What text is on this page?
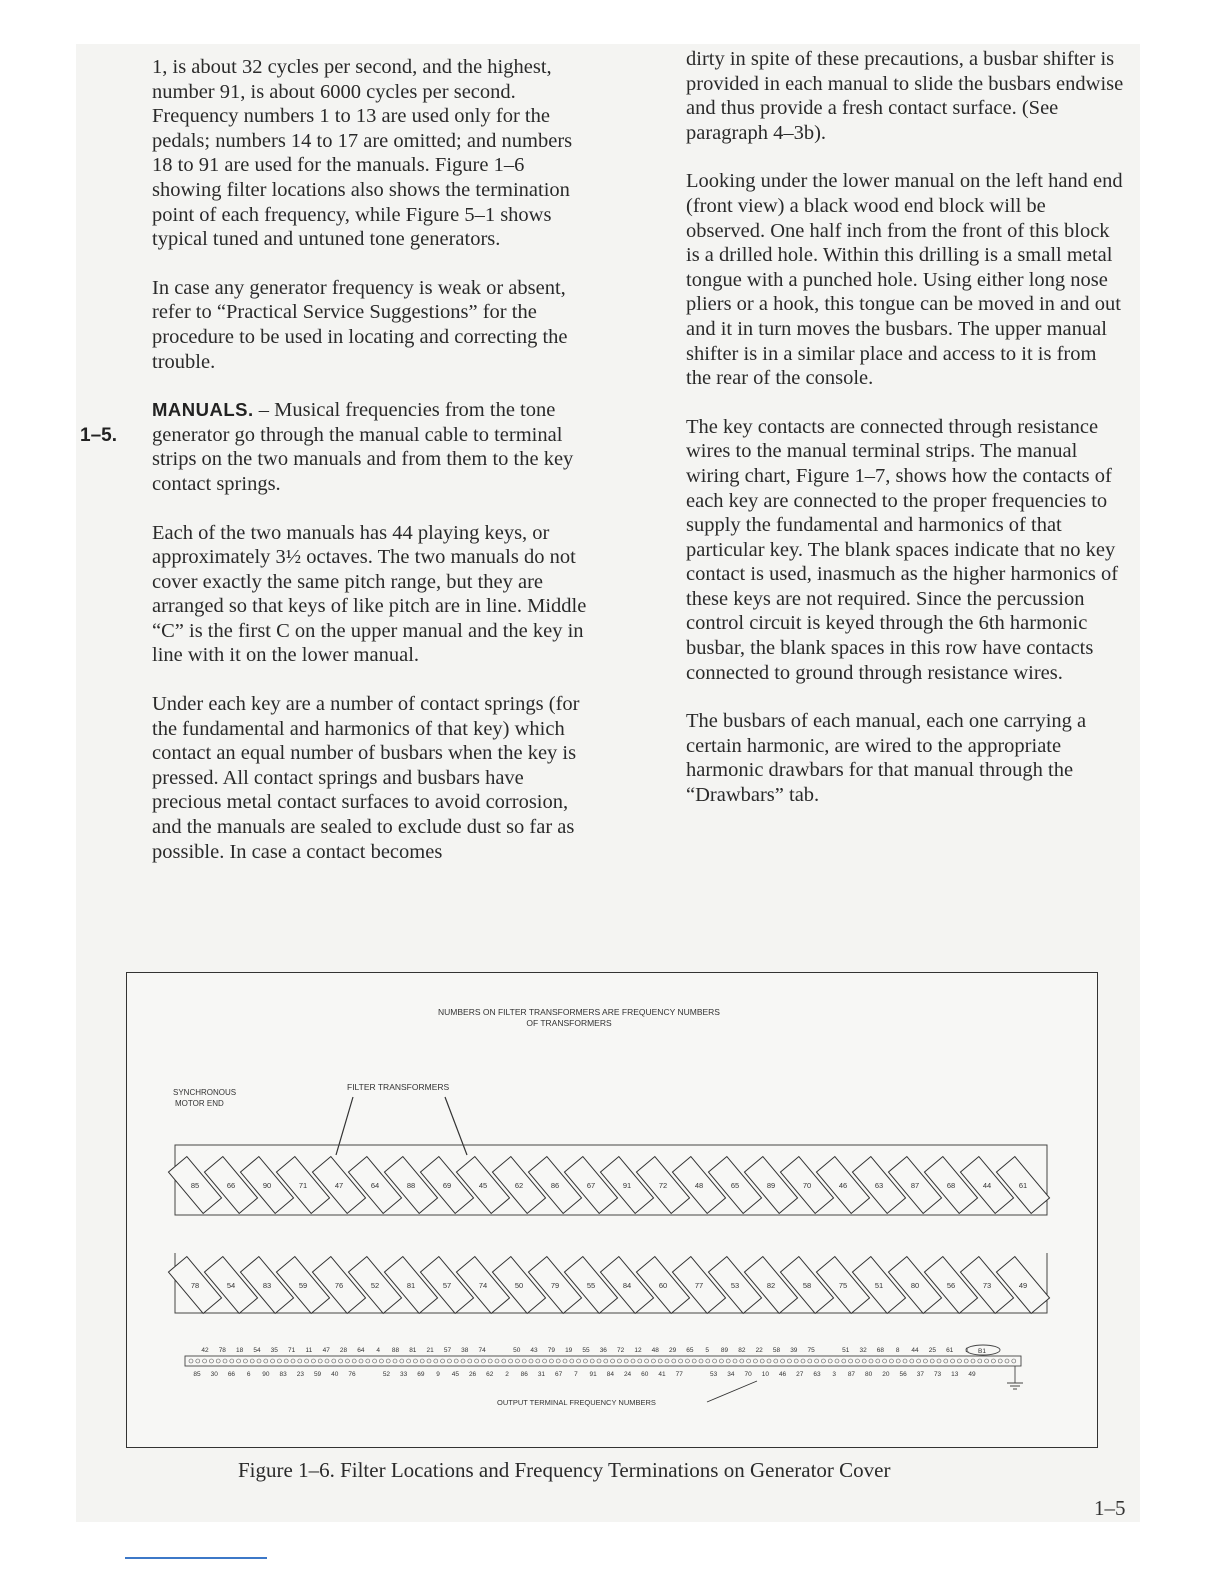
1, is about 32 cycles per second, and the highest, number 91, is about 6000 cycles per second. Frequency numbers 1 to 13 are used only for the pedals; numbers 14 to 17 are omitted; and numbers 18 to 91 are used for the manuals. Figure 1–6 showing filter locations also shows the termination point of each frequency, while Figure 5–1 shows typical tuned and untuned tone generators.

In case any generator frequency is weak or absent, refer to “Practical Service Suggestions” for the procedure to be used in locating and correcting the trouble.

MANUALS. – Musical frequencies from the tone generator go through the manual cable to terminal strips on the two manuals and from them to the key contact springs.

Each of the two manuals has 44 playing keys, or approximately 3½ octaves. The two manuals do not cover exactly the same pitch range, but they are arranged so that keys of like pitch are in line. Middle “C” is the first C on the upper manual and the key in line with it on the lower manual.

Under each key are a number of contact springs (for the fundamental and harmonics of that key) which contact an equal number of busbars when the key is pressed. All contact springs and busbars have precious metal contact surfaces to avoid corrosion, and the manuals are sealed to exclude dust so far as possible. In case a contact becomes

1–5.

dirty in spite of these precautions, a busbar shifter is provided in each manual to slide the busbars endwise and thus provide a fresh contact surface. (See paragraph 4–3b).

Looking under the lower manual on the left hand end (front view) a black wood end block will be observed. One half inch from the front of this block is a drilled hole. Within this drilling is a small metal tongue with a punched hole. Using either long nose pliers or a hook, this tongue can be moved in and out and it in turn moves the busbars. The upper manual shifter is in a similar place and access to it is from the rear of the console.

The key contacts are connected through resistance wires to the manual terminal strips. The manual wiring chart, Figure 1–7, shows how the contacts of each key are connected to the proper frequencies to supply the fundamental and harmonics of that particular key. The blank spaces indicate that no key contact is used, inasmuch as the higher harmonics of these keys are not required. Since the percussion control circuit is keyed through the 6th harmonic busbar, the blank spaces in this row have contacts connected to ground through resistance wires.

The busbars of each manual, each one carrying a certain harmonic, are wired to the appropriate harmonic drawbars for that manual through the “Drawbars” tab.

NUMBERS ON FILTER TRANSFORMERS ARE FREQUENCY NUMBERS
OF TRANSFORMERS
SYNCHRONOUS
MOTOR END
FILTER TRANSFORMERS
85	66	90	71	47	64	88	69	45	62	86	67	91	72	48	65	89	70	46	63	87	68	44	61
78	54	83	59	76	52	81	57	74	50	79	55	84	60	77	53	82	58	75	51	80	56	73	49
42 78 18 54 35 71 11 47 28 64 4 88 81 21 57 38 74	50 43 79 19 55 36 72 12 48 29 65 5 89 82 22 58 39 75	51 32 68 8 44 25 61 1
85 30 66 6 90 83 23 59 40 76	52 33 69 9 45 26 62 2 86 31 67 7 91 84 24 60 41 77	53 34 70 10 46 27 63 3 87 80 20 56 37 73 13 49
B1
OUTPUT TERMINAL FREQUENCY NUMBERS
Figure 1–6. Filter Locations and Frequency Terminations on Generator Cover
1–5
